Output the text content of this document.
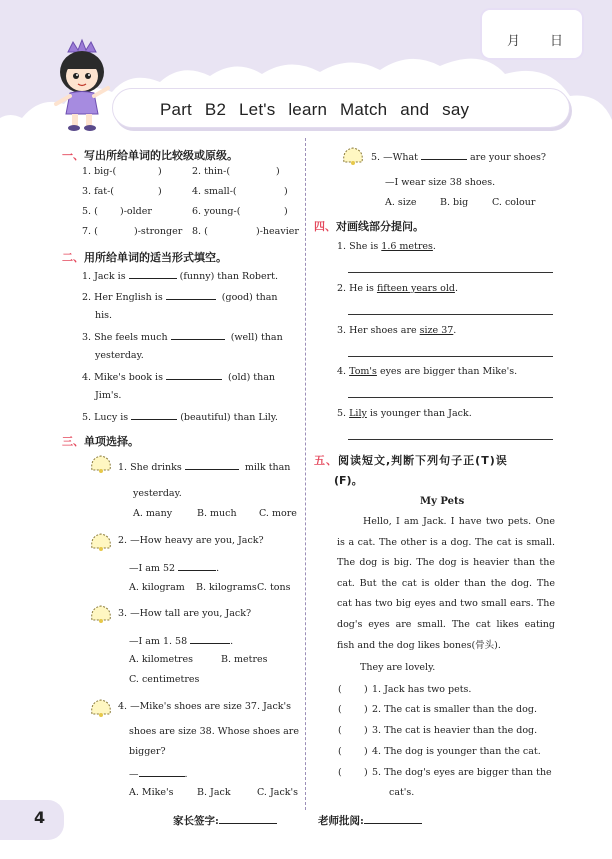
月 日
Part B2 Let's learn Match and say
一、写出所给单词的比较级或原级。
1. big-(	)	2. thin-(	)
3. fat-(	)	4. small-(	)
5. ( )-older	6. young-(	)
7. (	)-stronger 8. (	)-heavier
二、用所给单词的适当形式填空。
1. Jack is	(funny) than Robert.
2. Her English is	(good) than
his.
3. She feels much	(well) than
yesterday.
4. Mike's book is	(old) than
Jim's.
5. Lucy is	(beautiful) than Lily.
三、单项选择。
1. She drinks	milk than
yesterday.
A. many	B. much C. more
2. —How heavy are you, Jack?
—I am 52	.
A. kilogram B. kilograms C. tons
3. —How tall are you, Jack?
—I am 1. 58	.
A. kilometres	B. metres
C. centimetres
4. —Mike's shoes are size 37. Jack's
shoes are size 38. Whose shoes are
bigger?
—	.
A. Mike's B. Jack	C. Jack's
5. —What	are your shoes?
—I wear size 38 shoes.
A. size B. big	C. colour
四、对画线部分提问。
1. She is 1.6 metres.
2. He is fifteen years old.
3. Her shoes are size 37.
4. Tom's eyes are bigger than Mike's.
5. Lily is younger than Jack.
五、阅读短文,判断下列句子正(T)误
(F)。
My Pets
Hello, I am Jack. I have two pets. One is a cat. The other is a dog. The cat is small. The dog is big. The dog is heavier than the cat. But the cat is older than the dog. The cat has two big eyes and two small ears. The dog's eyes are small. The cat likes eating fish and the dog likes bones(骨头).
They are lovely.
( ) 1. Jack has two pets.
( ) 2. The cat is smaller than the dog.
( ) 3. The cat is heavier than the dog.
( ) 4. The dog is younger than the cat.
( ) 5. The dog's eyes are bigger than the
cat's.
4	家长签字:	老师批阅:
